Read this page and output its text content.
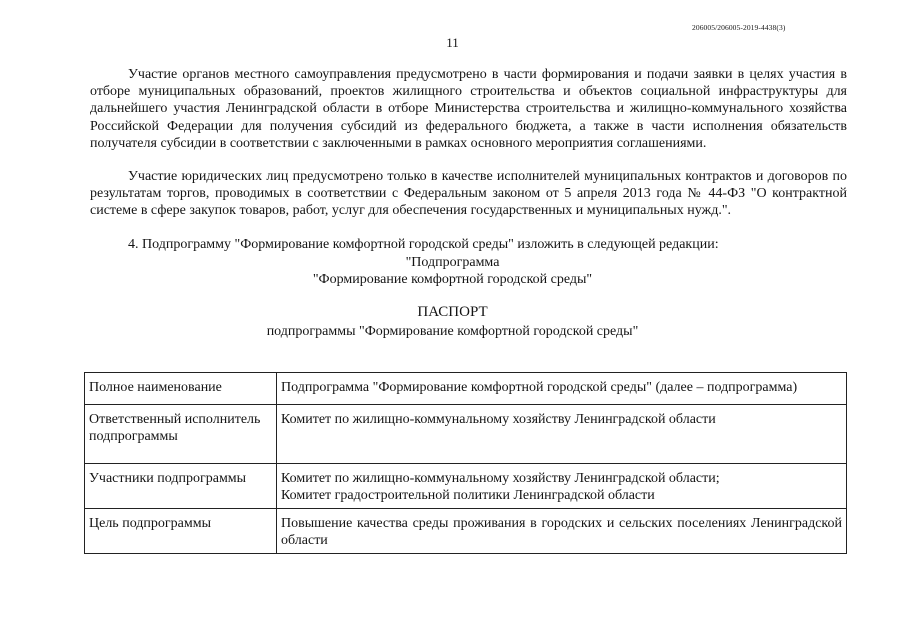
206005/206005-2019-4438(3)
11

Участие органов местного самоуправления предусмотрено в части формирования и подачи заявки в целях участия в отборе муниципальных образований, проектов жилищного строительства и объектов социальной инфраструктуры для дальнейшего участия Ленинградской области в отборе Министерства строительства и жилищно-коммунального хозяйства Российской Федерации для получения субсидий из федерального бюджета, а также в части исполнения обязательств получателя субсидии в соответствии с заключенными в рамках основного мероприятия соглашениями.

Участие юридических лиц предусмотрено только в качестве исполнителей муниципальных контрактов и договоров по результатам торгов, проводимых в соответствии с Федеральным законом от 5 апреля 2013 года № 44-ФЗ "О контрактной системе в сфере закупок товаров, работ, услуг для обеспечения государственных и муниципальных нужд.".

4. Подпрограмму "Формирование комфортной городской среды" изложить в следующей редакции:

"Подпрограмма

"Формирование комфортной городской среды"

ПАСПОРТ

подпрограммы "Формирование комфортной городской среды"

Полное наименование	Подпрограмма "Формирование комфортной городской среды" (далее – подпрограмма)
Ответственный исполнитель подпрограммы	Комитет по жилищно-коммунальному хозяйству Ленинградской области
Участники подпрограммы	Комитет по жилищно-коммунальному хозяйству Ленинградской области;
Комитет градостроительной политики Ленинградской области

Цель подпрограммы	Повышение качества среды проживания в городских и сельских поселениях Ленинградской области
